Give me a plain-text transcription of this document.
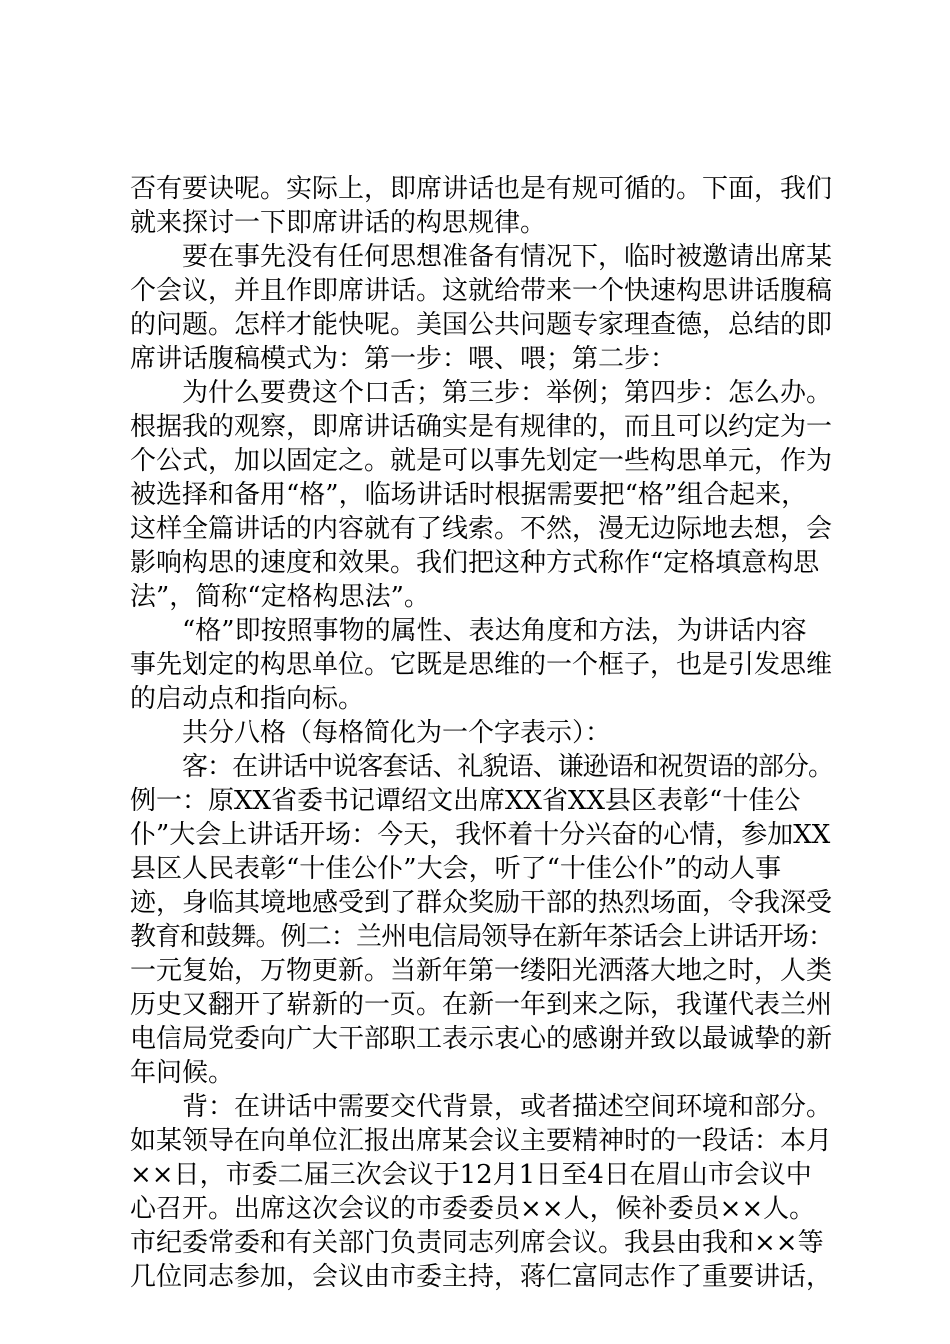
否有要诀呢。实际上，即席讲话也是有规可循的。下面，我们
就来探讨一下即席讲话的构思规律。
要在事先没有任何思想准备有情况下，临时被邀请出席某
个会议，并且作即席讲话。这就给带来一个快速构思讲话腹稿
的问题。怎样才能快呢。美国公共问题专家理查德，总结的即
席讲话腹稿模式为：第一步：喂、喂；第二步：
为什么要费这个口舌；第三步：举例；第四步：怎么办。
根据我的观察，即席讲话确实是有规律的，而且可以约定为一
个公式，加以固定之。就是可以事先划定一些构思单元，作为
被选择和备用“格”，临场讲话时根据需要把“格”组合起来，
这样全篇讲话的内容就有了线索。不然，漫无边际地去想，会
影响构思的速度和效果。我们把这种方式称作“定格填意构思
法”，简称“定格构思法”。
“格”即按照事物的属性、表达角度和方法，为讲话内容
事先划定的构思单位。它既是思维的一个框子，也是引发思维
的启动点和指向标。
共分八格（每格简化为一个字表示）：
客：在讲话中说客套话、礼貌语、谦逊语和祝贺语的部分。
例一：原XX省委书记谭绍文出席XX省XX县区表彰“十佳公
仆”大会上讲话开场：今天，我怀着十分兴奋的心情，参加XX
县区人民表彰“十佳公仆”大会，听了“十佳公仆”的动人事
迹，身临其境地感受到了群众奖励干部的热烈场面，令我深受
教育和鼓舞。例二：兰州电信局领导在新年茶话会上讲话开场：
一元复始，万物更新。当新年第一缕阳光洒落大地之时，人类
历史又翻开了崭新的一页。在新一年到来之际，我谨代表兰州
电信局党委向广大干部职工表示衷心的感谢并致以最诚挚的新
年问候。
背：在讲话中需要交代背景，或者描述空间环境和部分。
如某领导在向单位汇报出席某会议主要精神时的一段话：本月
××日，市委二届三次会议于12月1日至4日在眉山市会议中
心召开。出席这次会议的市委委员××人，候补委员××人。
市纪委常委和有关部门负责同志列席会议。我县由我和××等
几位同志参加，会议由市委主持，蒋仁富同志作了重要讲话，
